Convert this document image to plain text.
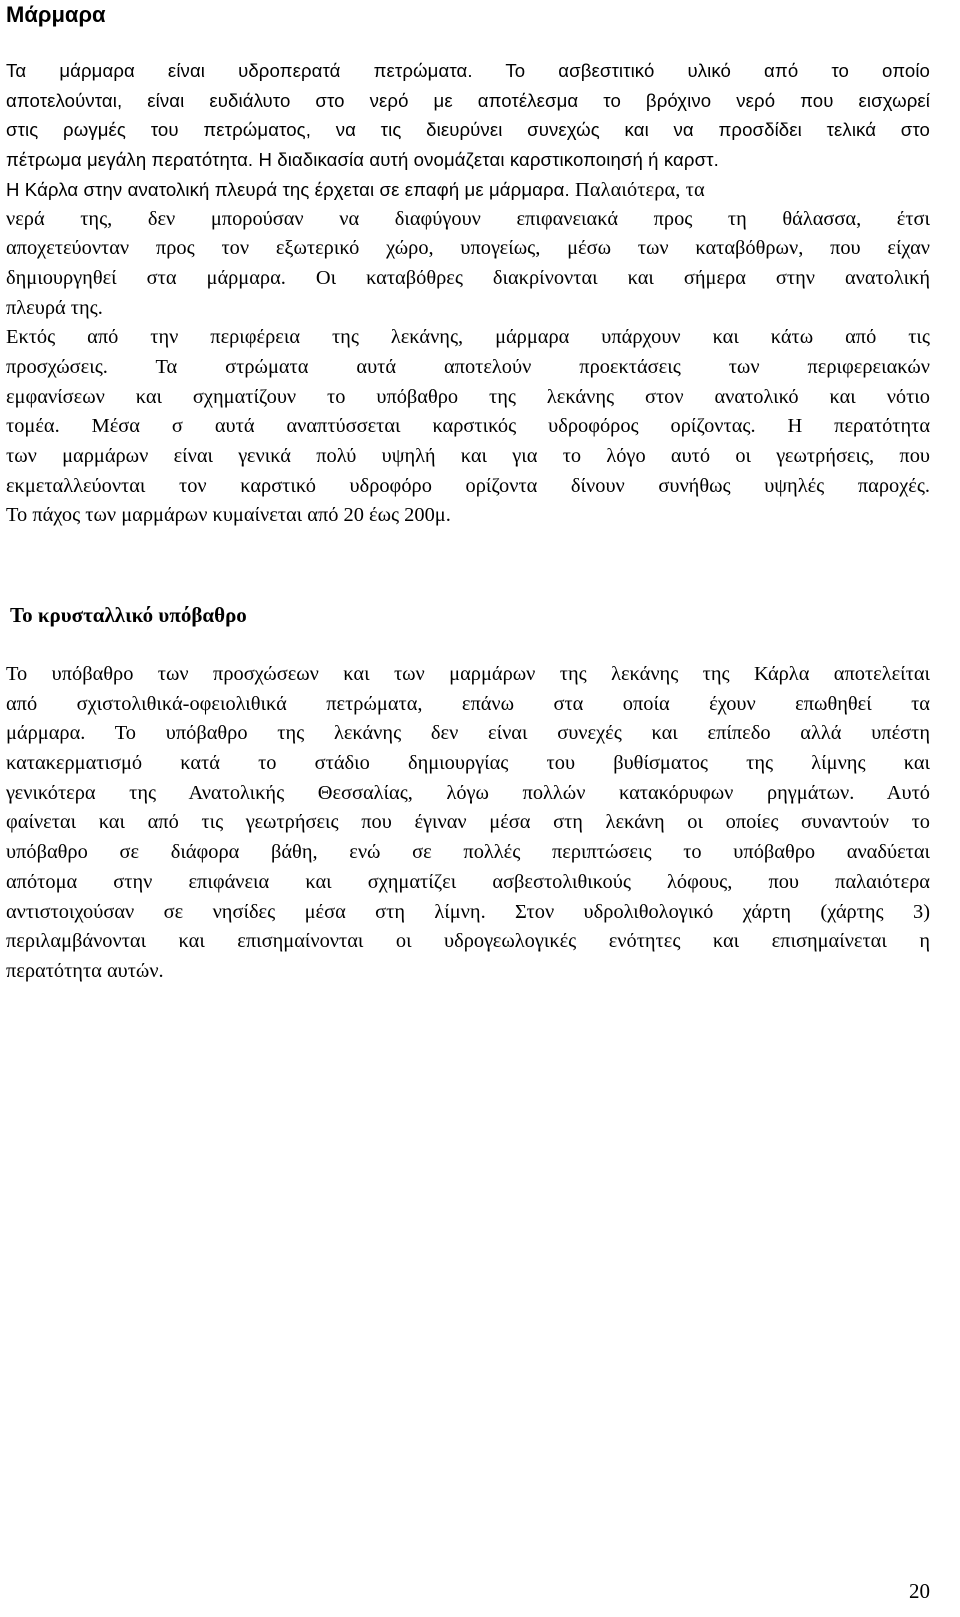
Μάρμαρα
Τα μάρμαρα είναι υδροπερατά πετρώματα. Το ασβεστιτικό υλικό από το οποίο
αποτελούνται, είναι ευδιάλυτο στο νερό με αποτέλεσμα το βρόχινο νερό που εισχωρεί
στις ρωγμές του πετρώματος, να τις διευρύνει συνεχώς και να προσδίδει τελικά στο
πέτρωμα μεγάλη περατότητα. Η διαδικασία αυτή ονομάζεται καρστικοποιησή ή καρστ.
Η Κάρλα στην ανατολική πλευρά της έρχεται σε επαφή με μάρμαρα. Παλαιότερα, τα
νερά της, δεν μπορούσαν να διαφύγουν επιφανειακά προς τη θάλασσα, έτσι
αποχετεύονταν προς τον εξωτερικό χώρο, υπογείως, μέσω των καταβόθρων, που είχαν
δημιουργηθεί στα μάρμαρα. Οι καταβόθρες διακρίνονται και σήμερα στην ανατολική
πλευρά της.
Εκτός από την περιφέρεια της λεκάνης, μάρμαρα υπάρχουν και κάτω από τις
προσχώσεις. Τα στρώματα αυτά αποτελούν προεκτάσεις των περιφερειακών
εμφανίσεων και σχηματίζουν το υπόβαθρο της λεκάνης στον ανατολικό και νότιο
τομέα. Μέσα σ αυτά αναπτύσσεται καρστικός υδροφόρος ορίζοντας. Η περατότητα
των μαρμάρων είναι γενικά πολύ υψηλή και για το λόγο αυτό οι γεωτρήσεις, που
εκμεταλλεύονται τον καρστικό υδροφόρο ορίζοντα δίνουν συνήθως υψηλές παροχές.
Το πάχος των μαρμάρων κυμαίνεται από 20 έως 200μ.
Το κρυσταλλικό υπόβαθρο
Το υπόβαθρο των προσχώσεων και των μαρμάρων της λεκάνης της Κάρλα αποτελείται
από σχιστολιθικά-οφειολιθικά πετρώματα, επάνω στα οποία έχουν επωθηθεί τα
μάρμαρα. Το υπόβαθρο της λεκάνης δεν είναι συνεχές και επίπεδο αλλά υπέστη
κατακερματισμό κατά το στάδιο δημιουργίας του βυθίσματος της λίμνης και
γενικότερα της Ανατολικής Θεσσαλίας, λόγω πολλών κατακόρυφων ρηγμάτων. Αυτό
φαίνεται και από τις γεωτρήσεις που έγιναν μέσα στη λεκάνη οι οποίες συναντούν το
υπόβαθρο σε διάφορα βάθη, ενώ σε πολλές περιπτώσεις το υπόβαθρο αναδύεται
απότομα στην επιφάνεια και σχηματίζει ασβεστολιθικούς λόφους, που παλαιότερα
αντιστοιχούσαν σε νησίδες μέσα στη λίμνη. Στον υδρολιθολογικό χάρτη (χάρτης 3)
περιλαμβάνονται και επισημαίνονται οι υδρογεωλογικές ενότητες και επισημαίνεται η
περατότητα αυτών.
20
